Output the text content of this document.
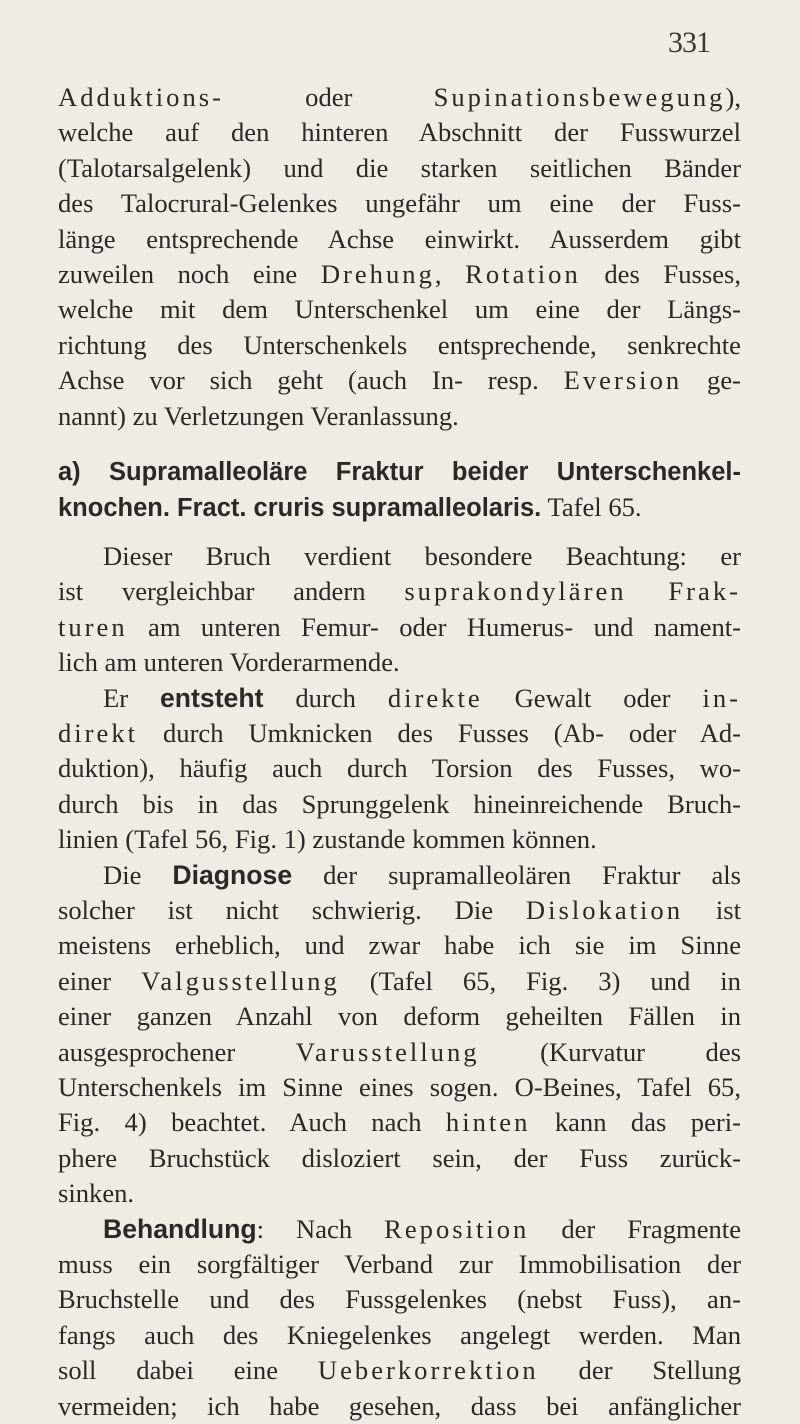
331
Adduktions- oder Supinationsbewegung),
welche auf den hinteren Abschnitt der Fusswurzel
(Talotarsalgelenk) und die starken seitlichen Bänder
des Talocrural-Gelenkes ungefähr um eine der Fuss-
länge entsprechende Achse einwirkt. Ausserdem gibt
zuweilen noch eine Drehung, Rotation des Fusses,
welche mit dem Unterschenkel um eine der Längs-
richtung des Unterschenkels entsprechende, senkrechte
Achse vor sich geht (auch In- resp. Eversion ge-
nannt) zu Verletzungen Veranlassung.
a) Supramalleoläre Fraktur beider Unterschenkel-
knochen. Fract. cruris supramalleolaris. Tafel 65.
Dieser Bruch verdient besondere Beachtung: er
ist vergleichbar andern suprakondylären Frak-
turen am unteren Femur- oder Humerus- und nament-
lich am unteren Vorderarmende.
Er entsteht durch direkte Gewalt oder in-
direkt durch Umknicken des Fusses (Ab- oder Ad-
duktion), häufig auch durch Torsion des Fusses, wo-
durch bis in das Sprunggelenk hineinreichende Bruch-
linien (Tafel 56, Fig. 1) zustande kommen können.
Die Diagnose der supramalleolären Fraktur als
solcher ist nicht schwierig. Die Dislokation ist
meistens erheblich, und zwar habe ich sie im Sinne
einer Valgusstellung (Tafel 65, Fig. 3) und in
einer ganzen Anzahl von deform geheilten Fällen in
ausgesprochener Varusstellung (Kurvatur des
Unterschenkels im Sinne eines sogen. O-Beines, Tafel 65,
Fig. 4) beachtet. Auch nach hinten kann das peri-
phere Bruchstück disloziert sein, der Fuss zurück-
sinken.
Behandlung: Nach Reposition der Fragmente
muss ein sorgfältiger Verband zur Immobilisation der
Bruchstelle und des Fussgelenkes (nebst Fuss), an-
fangs auch des Kniegelenkes angelegt werden. Man
soll dabei eine Ueberkorrektion der Stellung
vermeiden; ich habe gesehen, dass bei anfänglicher
